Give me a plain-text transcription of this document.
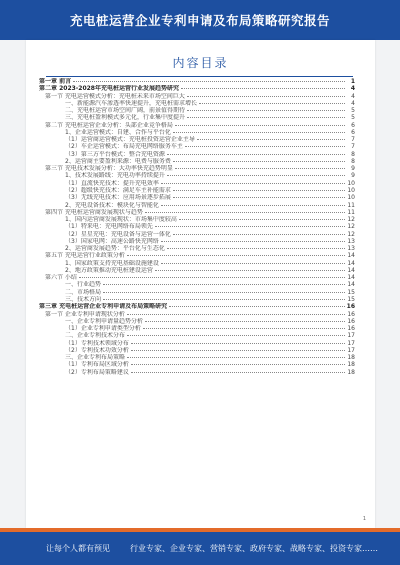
充电桩运营企业专利申请及布局策略研究报告
内容目录
第一章 前言	1
第二章 2023-2028年充电桩运营行业发展趋势研究	4
第一节 充电运营模式分析：充电桩未来市场空间巨大	4
一、新能源汽车渗透率快速提升，充电桩需求增长	4
二、充电桩运营市场空间广阔，前景值得期待	5
三、充电桩盈利模式多元化，行业集中度提升	5
第二节 充电桩运营企业分析：头部企业竞争格局	6
1、企业运营模式：自建、合作与平台化	6
（1）运营商运营模式：充电桩投资运营企业主导	7
（2）车企运营模式：布局充电网络服务车主	7
（3）第三方平台模式：整合充电资源	8
2、运营商主要盈利来源：电费与服务费	8
第三节 充电技术发展分析：大功率快充趋势明显	9
1、技术发展路线：充电功率持续提升	9
（1）直流快充技术：提升充电效率	10
（2）超级快充技术：满足车主补能需求	10
（3）无线充电技术：应用场景逐步拓展	10
2、充电设备技术：模块化与智能化	11
第四节 充电桩运营商发展现状与趋势	11
1、国内运营商发展现状：市场集中度较高	12
（1）特来电：充电网络布局领先	12
（2）星星充电：充电设备与运营一体化	12
（3）国家电网：高速公路快充网络	13
2、运营商发展趋势：平台化与生态化	13
第五节 充电运营行业政策分析	14
1、国家政策支持充电基础设施建设	14
2、地方政策推动充电桩建设运营	14
第六节 小结	14
一、行业趋势	14
二、市场格局	15
三、技术方向	15
第三章 充电桩运营企业专利申请及布局策略研究	16
第一节 企业专利申请现状分析	16
一、企业专利申请量趋势分析	16
（1）企业专利申请类型分析	16
二、企业专利技术分布	17
（1）专利技术领域分布	17
（2）专利技术功效分析	17
三、企业专利布局策略	18
（1）专利布局区域分析	18
（2）专利布局策略建议	18
1
让每个人都有预见	行业专家、企业专家、营销专家、政府专家、战略专家、投资专家……
